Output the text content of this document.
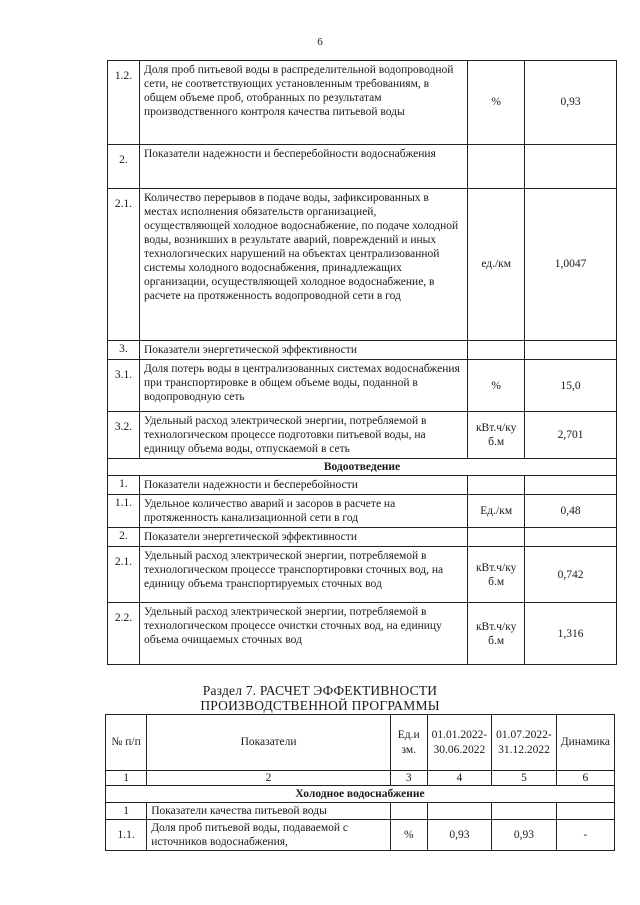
6
1.2.	Доля проб питьевой воды в распределительной водопроводной сети, не соответствующих установленным требованиям, в общем объеме проб, отобранных по результатам производственного контроля качества питьевой воды	%	0,93
2.	Показатели надежности и бесперебойности водоснабжения		
2.1.	Количество перерывов в подаче воды, зафиксированных в местах исполнения обязательств организацией, осуществляющей холодное водоснабжение, по подаче холодной воды, возникших в результате аварий, повреждений и иных технологических нарушений на объектах централизованной системы холодного водоснабжения, принадлежащих организации, осуществляющей холодное водоснабжение, в расчете на протяженность водопроводной сети в год	ед./км	1,0047
3.	Показатели энергетической эффективности		
3.1.	Доля потерь воды в централизованных системах водоснабжения при транспортировке в общем объеме воды, поданной в водопроводную сеть	%	15,0
3.2.	Удельный расход электрической энергии, потребляемой в технологическом процессе подготовки питьевой воды, на единицу объема воды, отпускаемой в сеть	кВт.ч/ку б.м	2,701
Водоотведение			
1.	Показатели надежности и бесперебойности		
1.1.	Удельное количество аварий и засоров в расчете на протяженность канализационной сети в год	Ед./км	0,48
2.	Показатели энергетической эффективности		
2.1.	Удельный расход электрической энергии, потребляемой в технологическом процессе транспортировки сточных вод, на единицу объема транспортируемых сточных вод	кВт.ч/ку б.м	0,742
2.2.	Удельный расход электрической энергии, потребляемой в технологическом процессе очистки сточных вод, на единицу объема очищаемых сточных вод	кВт.ч/ку б.м	1,316
Раздел 7. РАСЧЕТ ЭФФЕКТИВНОСТИ
ПРОИЗВОДСТВЕННОЙ ПРОГРАММЫ
№ п/п	Показатели	Ед.и зм.	01.01.2022-30.06.2022	01.07.2022-31.12.2022	Динамика
1	2	3	4	5	6
Холодное водоснабжение					
1	Показатели качества питьевой воды				
1.1.	Доля проб питьевой воды, подаваемой с источников водоснабжения,	%	0,93	0,93	-
